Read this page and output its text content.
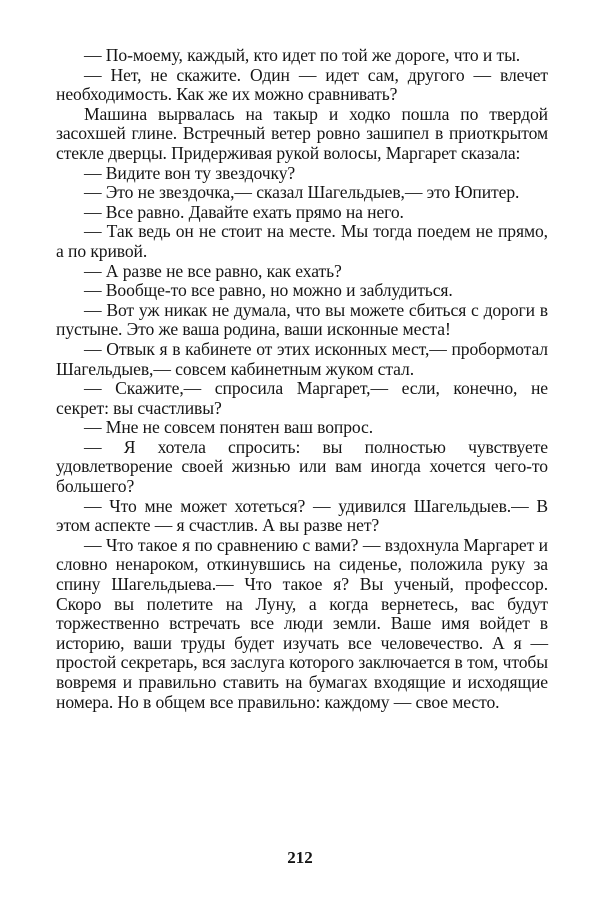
— По-моему, каждый, кто идет по той же дороге, что и ты.

— Нет, не скажите. Один — идет сам, другого — влечет необходимость. Как же их можно сравнивать?

Машина вырвалась на такыр и ходко пошла по твердой засохшей глине. Встречный ветер ровно зашипел в приоткрытом стекле дверцы. Придерживая рукой волосы, Маргарет сказала:

— Видите вон ту звездочку?

— Это не звездочка,— сказал Шагельдыев,— это Юпитер.

— Все равно. Давайте ехать прямо на него.

— Так ведь он не стоит на месте. Мы тогда поедем не прямо, а по кривой.

— А разве не все равно, как ехать?

— Вообще-то все равно, но можно и заблудиться.

— Вот уж никак не думала, что вы можете сбиться с дороги в пустыне. Это же ваша родина, ваши исконные места!

— Отвык я в кабинете от этих исконных мест,— пробормотал Шагельдыев,— совсем кабинетным жуком стал.

— Скажите,— спросила Маргарет,— если, конечно, не секрет: вы счастливы?

— Мне не совсем понятен ваш вопрос.

— Я хотела спросить: вы полностью чувствуете удовлетворение своей жизнью или вам иногда хочется чего-то большего?

— Что мне может хотеться? — удивился Шагельдыев.— В этом аспекте — я счастлив. А вы разве нет?

— Что такое я по сравнению с вами? — вздохнула Маргарет и словно ненароком, откинувшись на сиденье, положила руку за спину Шагельдыева.— Что такое я? Вы ученый, профессор. Скоро вы полетите на Луну, а когда вернетесь, вас будут торжественно встречать все люди земли. Ваше имя войдет в историю, ваши труды будет изучать все человечество. А я — простой секретарь, вся заслуга которого заключается в том, чтобы вовремя и правильно ставить на бумагах входящие и исходящие номера. Но в общем все правильно: каждому — свое место.

212
